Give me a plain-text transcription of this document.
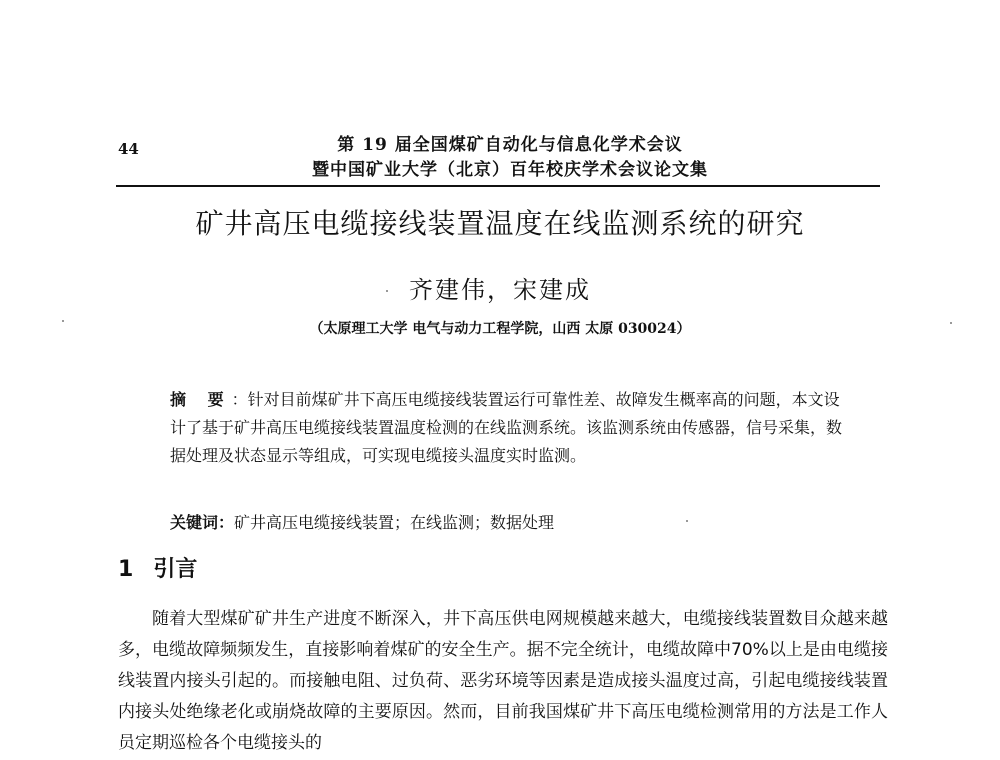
44	第 19 届全国煤矿自动化与信息化学术会议
暨中国矿业大学（北京）百年校庆学术会议论文集
矿井高压电缆接线装置温度在线监测系统的研究
齐建伟，宋建成
（太原理工大学 电气与动力工程学院，山西 太原 030024）
摘 要：针对目前煤矿井下高压电缆接线装置运行可靠性差、故障发生概率高的问题，本文设计了基于矿井高压电缆接线装置温度检测的在线监测系统。该监测系统由传感器，信号采集，数据处理及状态显示等组成，可实现电缆接头温度实时监测。
关键词：矿井高压电缆接线装置；在线监测；数据处理
1 引言

随着大型煤矿矿井生产进度不断深入，井下高压供电网规模越来越大，电缆接线装置数目众越来越多，电缆故障频频发生，直接影响着煤矿的安全生产。据不完全统计，电缆故障中70%以上是由电缆接线装置内接头引起的。而接触电阻、过负荷、恶劣环境等因素是造成接头温度过高，引起电缆接线装置内接头处绝缘老化或崩烧故障的主要原因。然而，目前我国煤矿井下高压电缆检测常用的方法是工作人员定期巡检各个电缆接头的
